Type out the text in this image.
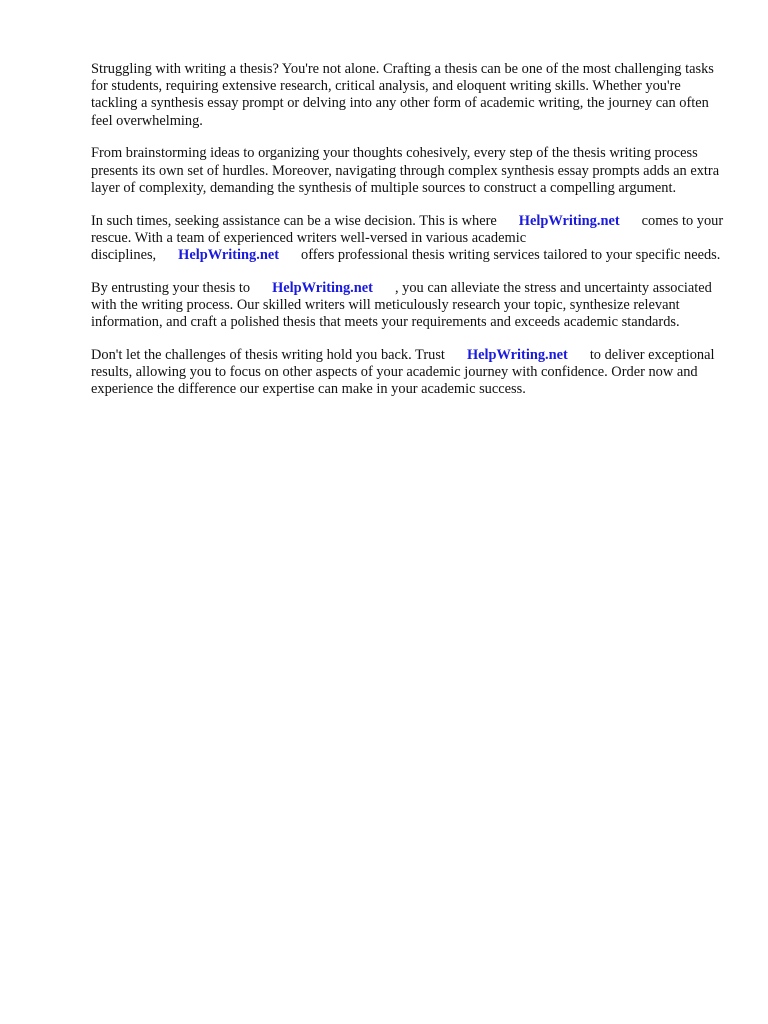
Struggling with writing a thesis? You're not alone. Crafting a thesis can be one of the most challenging tasks for students, requiring extensive research, critical analysis, and eloquent writing skills. Whether you're tackling a synthesis essay prompt or delving into any other form of academic writing, the journey can often feel overwhelming.

From brainstorming ideas to organizing your thoughts cohesively, every step of the thesis writing process presents its own set of hurdles. Moreover, navigating through complex synthesis essay prompts adds an extra layer of complexity, demanding the synthesis of multiple sources to construct a compelling argument.

In such times, seeking assistance can be a wise decision. This is where HelpWriting.net comes to your rescue. With a team of experienced writers well-versed in various academic disciplines, HelpWriting.net offers professional thesis writing services tailored to your specific needs.

By entrusting your thesis to HelpWriting.net , you can alleviate the stress and uncertainty associated with the writing process. Our skilled writers will meticulously research your topic, synthesize relevant information, and craft a polished thesis that meets your requirements and exceeds academic standards.

Don't let the challenges of thesis writing hold you back. Trust HelpWriting.net to deliver exceptional results, allowing you to focus on other aspects of your academic journey with confidence. Order now and experience the difference our expertise can make in your academic success.
